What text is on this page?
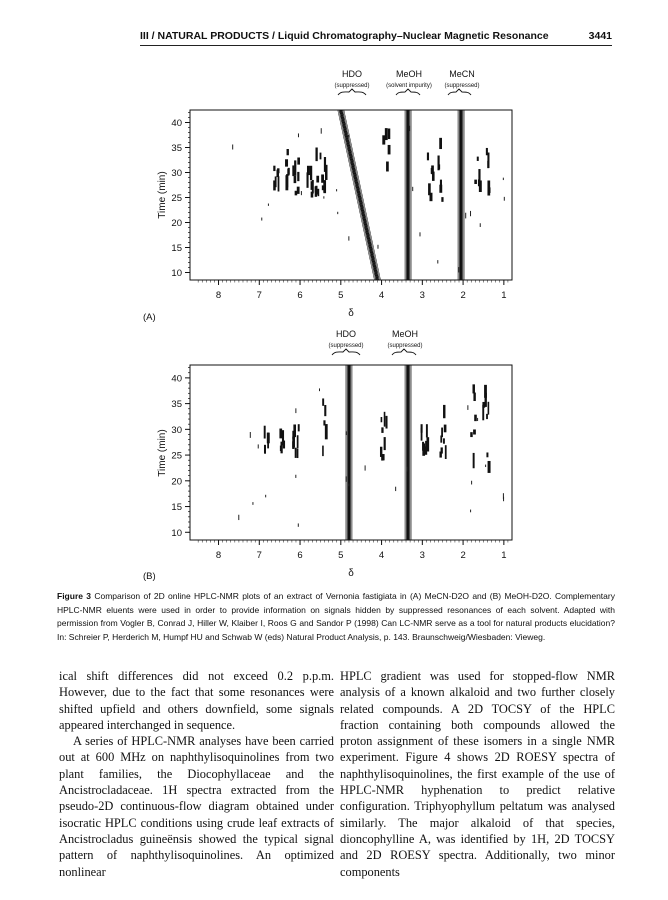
III / NATURAL PRODUCTS / Liquid Chromatography–Nuclear Magnetic Resonance	3441
(A)
HDO
(suppressed)
MeOH
(solvent impurity)
MeCN
(suppressed)
10
15
20
25
30
35
40
8	7	6	5	4	3	2	1
δ
Time (min)
(B)
HDO
(suppressed)
MeOH
(suppressed)
10
15
20
25
30
35
40
8	7	6	5	4	3	2	1
δ
Time (min)
Figure 3 Comparison of 2D online HPLC-NMR plots of an extract of Vernonia fastigiata in (A) MeCN-D2O and (B) MeOH-D2O. Complementary HPLC-NMR eluents were used in order to provide information on signals hidden by suppressed resonances of each solvent. Adapted with permission from Vogler B, Conrad J, Hiller W, Klaiber I, Roos G and Sandor P (1998) Can LC-NMR serve as a tool for natural products elucidation? In: Schreier P, Herderich M, Humpf HU and Schwab W (eds) Natural Product Analysis, p. 143. Braunschweig/Wiesbaden: Vieweg.

ical shift differences did not exceed 0.2 p.p.m. However, due to the fact that some resonances were shifted upfield and others downfield, some signals appeared interchanged in sequence.

A series of HPLC-NMR analyses have been carried out at 600 MHz on naphthylisoquinolines from two plant families, the Diocophyllaceae and the Ancistrocladaceae. 1H spectra extracted from the pseudo-2D continuous-flow diagram obtained under isocratic HPLC conditions using crude leaf extracts of Ancistrocladus guineënsis showed the typical signal pattern of naphthylisoquinolines. An optimized nonlinear

HPLC gradient was used for stopped-flow NMR analysis of a known alkaloid and two further closely related compounds. A 2D TOCSY of the HPLC fraction containing both compounds allowed the proton assignment of these isomers in a single NMR experiment. Figure 4 shows 2D ROESY spectra of naphthylisoquinolines, the first example of the use of HPLC-NMR hyphenation to predict relative configuration. Triphyophyllum peltatum was analysed similarly. The major alkaloid of that species, dioncophylline A, was identified by 1H, 2D TOCSY and 2D ROESY spectra. Additionally, two minor components
